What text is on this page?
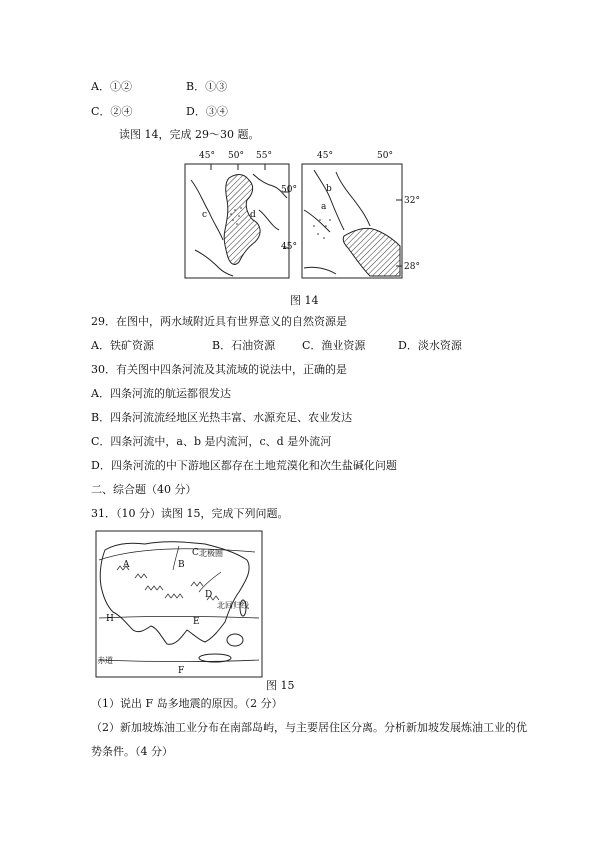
A．①②	B．①③
C．②④	D．③④
读图 14，完成 29～30 题。
45° 50° 55°
50°
45°
c	d
45°	50°
32°
28°
b
a
图 14
29．在图中，两水域附近具有世界意义的自然资源是
A．铁矿资源	B．石油资源 C．渔业资源	D．淡水资源
30．有关图中四条河流及其流域的说法中，正确的是
A．四条河流的航运都很发达
B．四条河流流经地区光热丰富、水源充足、农业发达
C．四条河流中，a、b 是内流河，c、d 是外流河
D．四条河流的中下游地区都存在土地荒漠化和次生盐碱化问题
二、综合题（40 分）
31．（10 分）读图 15，完成下列问题。
北极圈
北回归线
赤道
A	B
C
D
E
F
H
图 15
（1）说出 F 岛多地震的原因。（2 分）
（2）新加坡炼油工业分布在南部岛屿，与主要居住区分离。分析新加坡发展炼油工业的优
势条件。（4 分）
